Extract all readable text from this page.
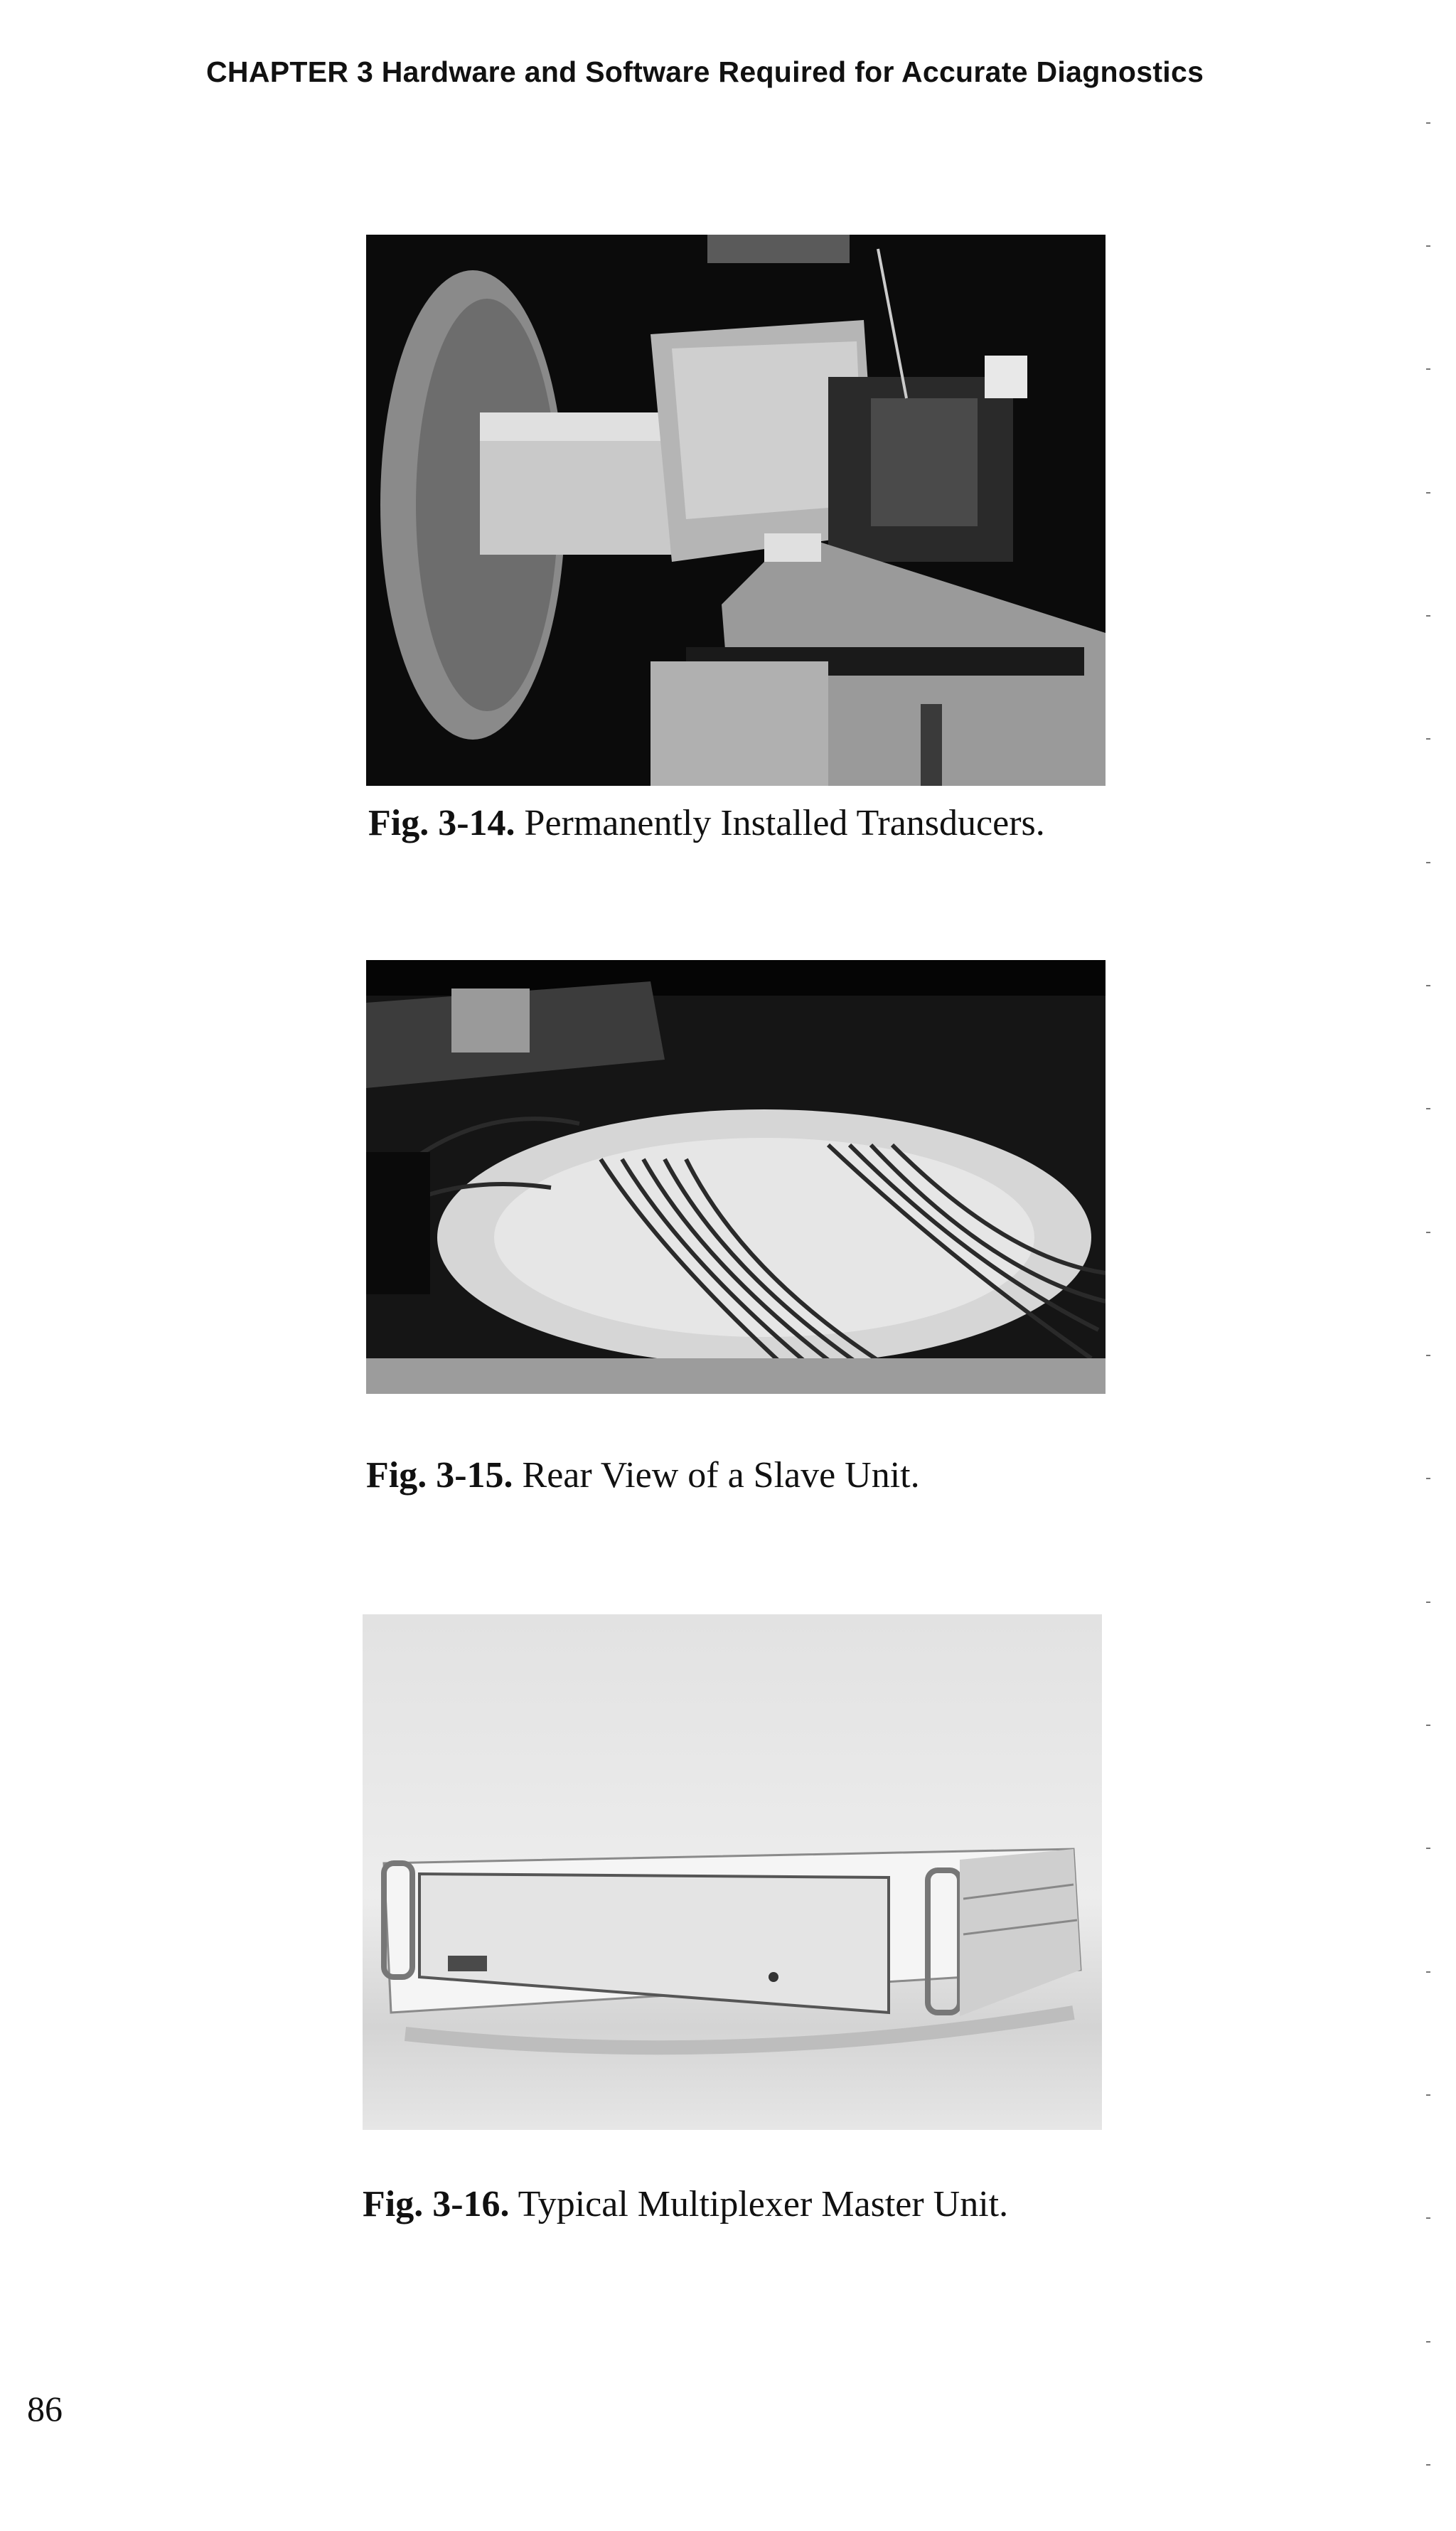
CHAPTER 3 Hardware and Software Required for Accurate Diagnostics
Fig. 3-14. Permanently Installed Transducers.
Fig. 3-15. Rear View of a Slave Unit.
Fig. 3-16. Typical Multiplexer Master Unit.
86
